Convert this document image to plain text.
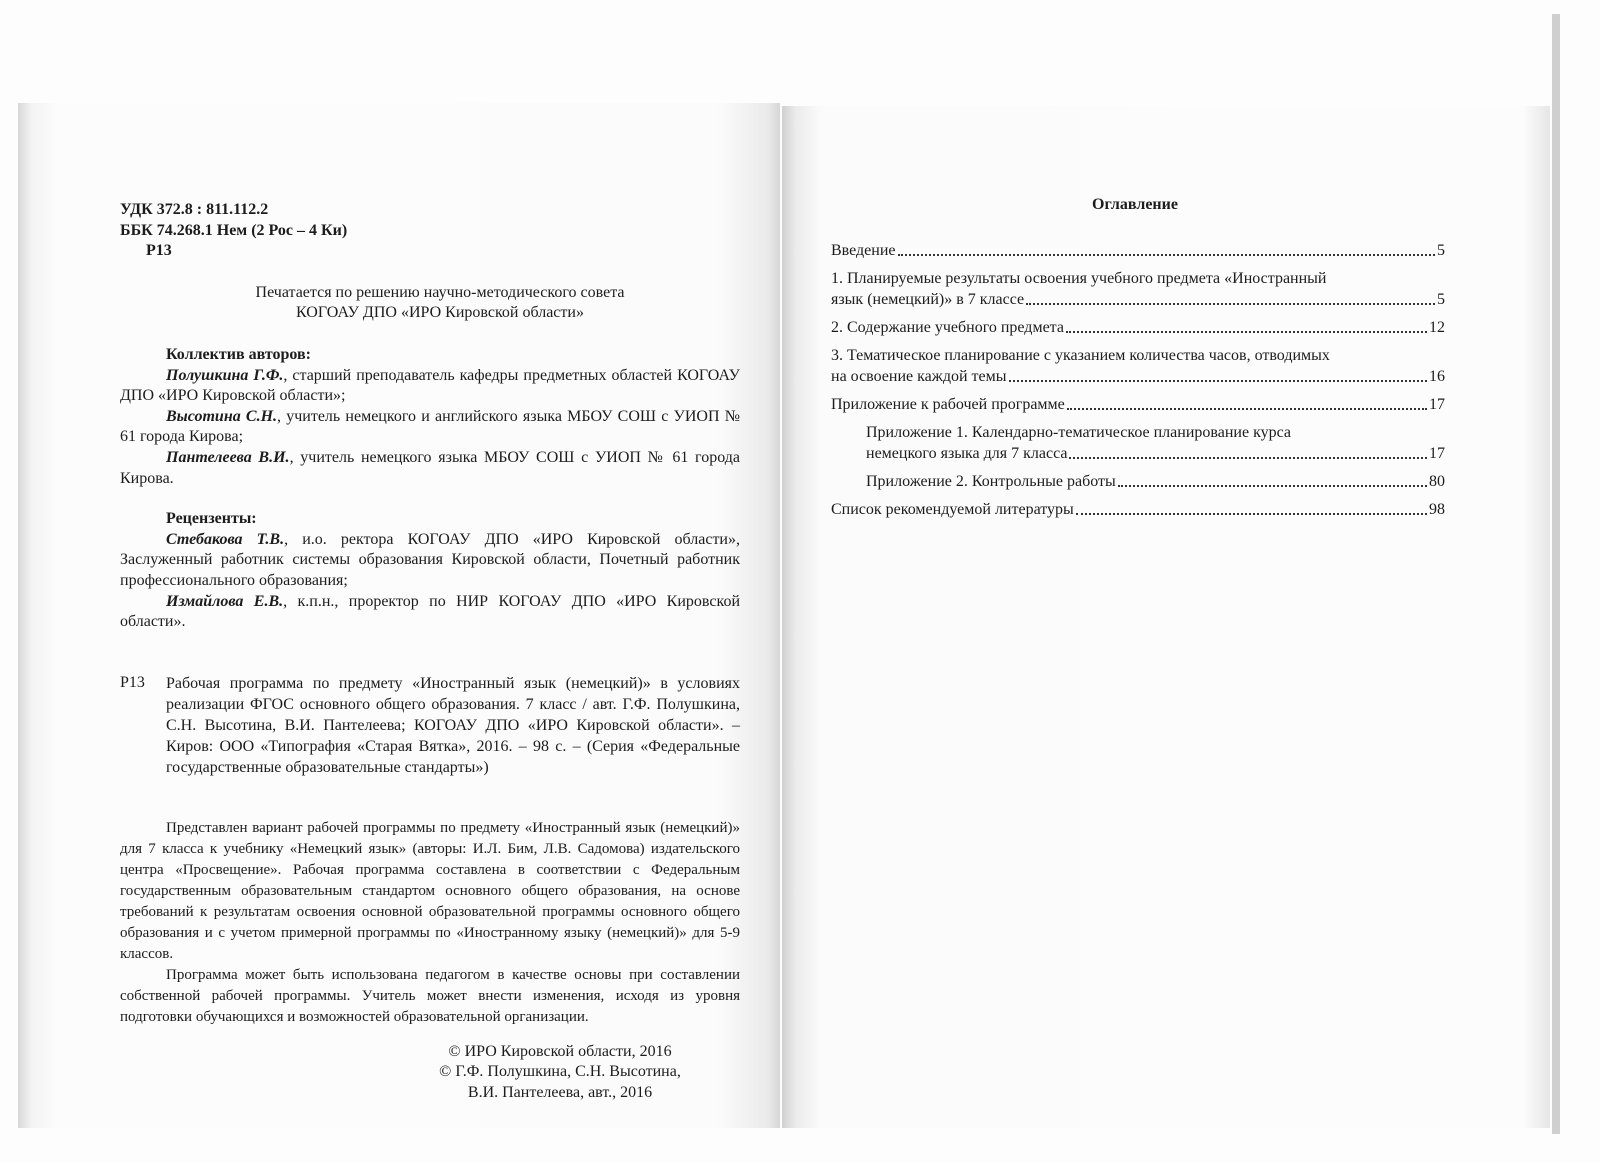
УДК 372.8 : 811.112.2
ББК 74.268.1 Нем (2 Рос – 4 Ки)
Р13
Печатается по решению научно-методического совета
КОГОАУ ДПО «ИРО Кировской области»
Коллектив авторов:
Полушкина Г.Ф., старший преподаватель кафедры предметных областей КОГОАУ ДПО «ИРО Кировской области»;
Высотина С.Н., учитель немецкого и английского языка МБОУ СОШ с УИОП № 61 города Кирова;
Пантелеева В.И., учитель немецкого языка МБОУ СОШ с УИОП № 61 города Кирова.
Рецензенты:
Стебакова Т.В., и.о. ректора КОГОАУ ДПО «ИРО Кировской области», Заслуженный работник системы образования Кировской области, Почетный работник профессионального образования;
Измайлова Е.В., к.п.н., проректор по НИР КОГОАУ ДПО «ИРО Кировской области».
Р13	Рабочая программа по предмету «Иностранный язык (немецкий)» в условиях реализации ФГОС основного общего образования. 7 класс / авт. Г.Ф. Полушкина, С.Н. Высотина, В.И. Пантелеева; КОГОАУ ДПО «ИРО Кировской области». – Киров: ООО «Типография «Старая Вятка», 2016. – 98 с. – (Серия «Федеральные государственные образовательные стандарты»)
Представлен вариант рабочей программы по предмету «Иностранный язык (немецкий)» для 7 класса к учебнику «Немецкий язык» (авторы: И.Л. Бим, Л.В. Садомова) издательского центра «Просвещение». Рабочая программа составлена в соответствии с Федеральным государственным образовательным стандартом основного общего образования, на основе требований к результатам освоения основной образовательной программы основного общего образования и с учетом примерной программы по «Иностранному языку (немецкий)» для 5-9 классов.
Программа может быть использована педагогом в качестве основы при составлении собственной рабочей программы. Учитель может внести изменения, исходя из уровня подготовки обучающихся и возможностей образовательной организации.
© ИРО Кировской области, 2016
© Г.Ф. Полушкина, С.Н. Высотина,
В.И. Пантелеева, авт., 2016
Оглавление
Введение	5
1. Планируемые результаты освоения учебного предмета «Иностранный
язык (немецкий)» в 7 классе	5
2. Содержание учебного предмета	12
3. Тематическое планирование с указанием количества часов, отводимых
на освоение каждой темы	16
Приложение к рабочей программе	17
Приложение 1. Календарно-тематическое планирование курса
немецкого языка для 7 класса	17
Приложение 2. Контрольные работы	80
Список рекомендуемой литературы	98
